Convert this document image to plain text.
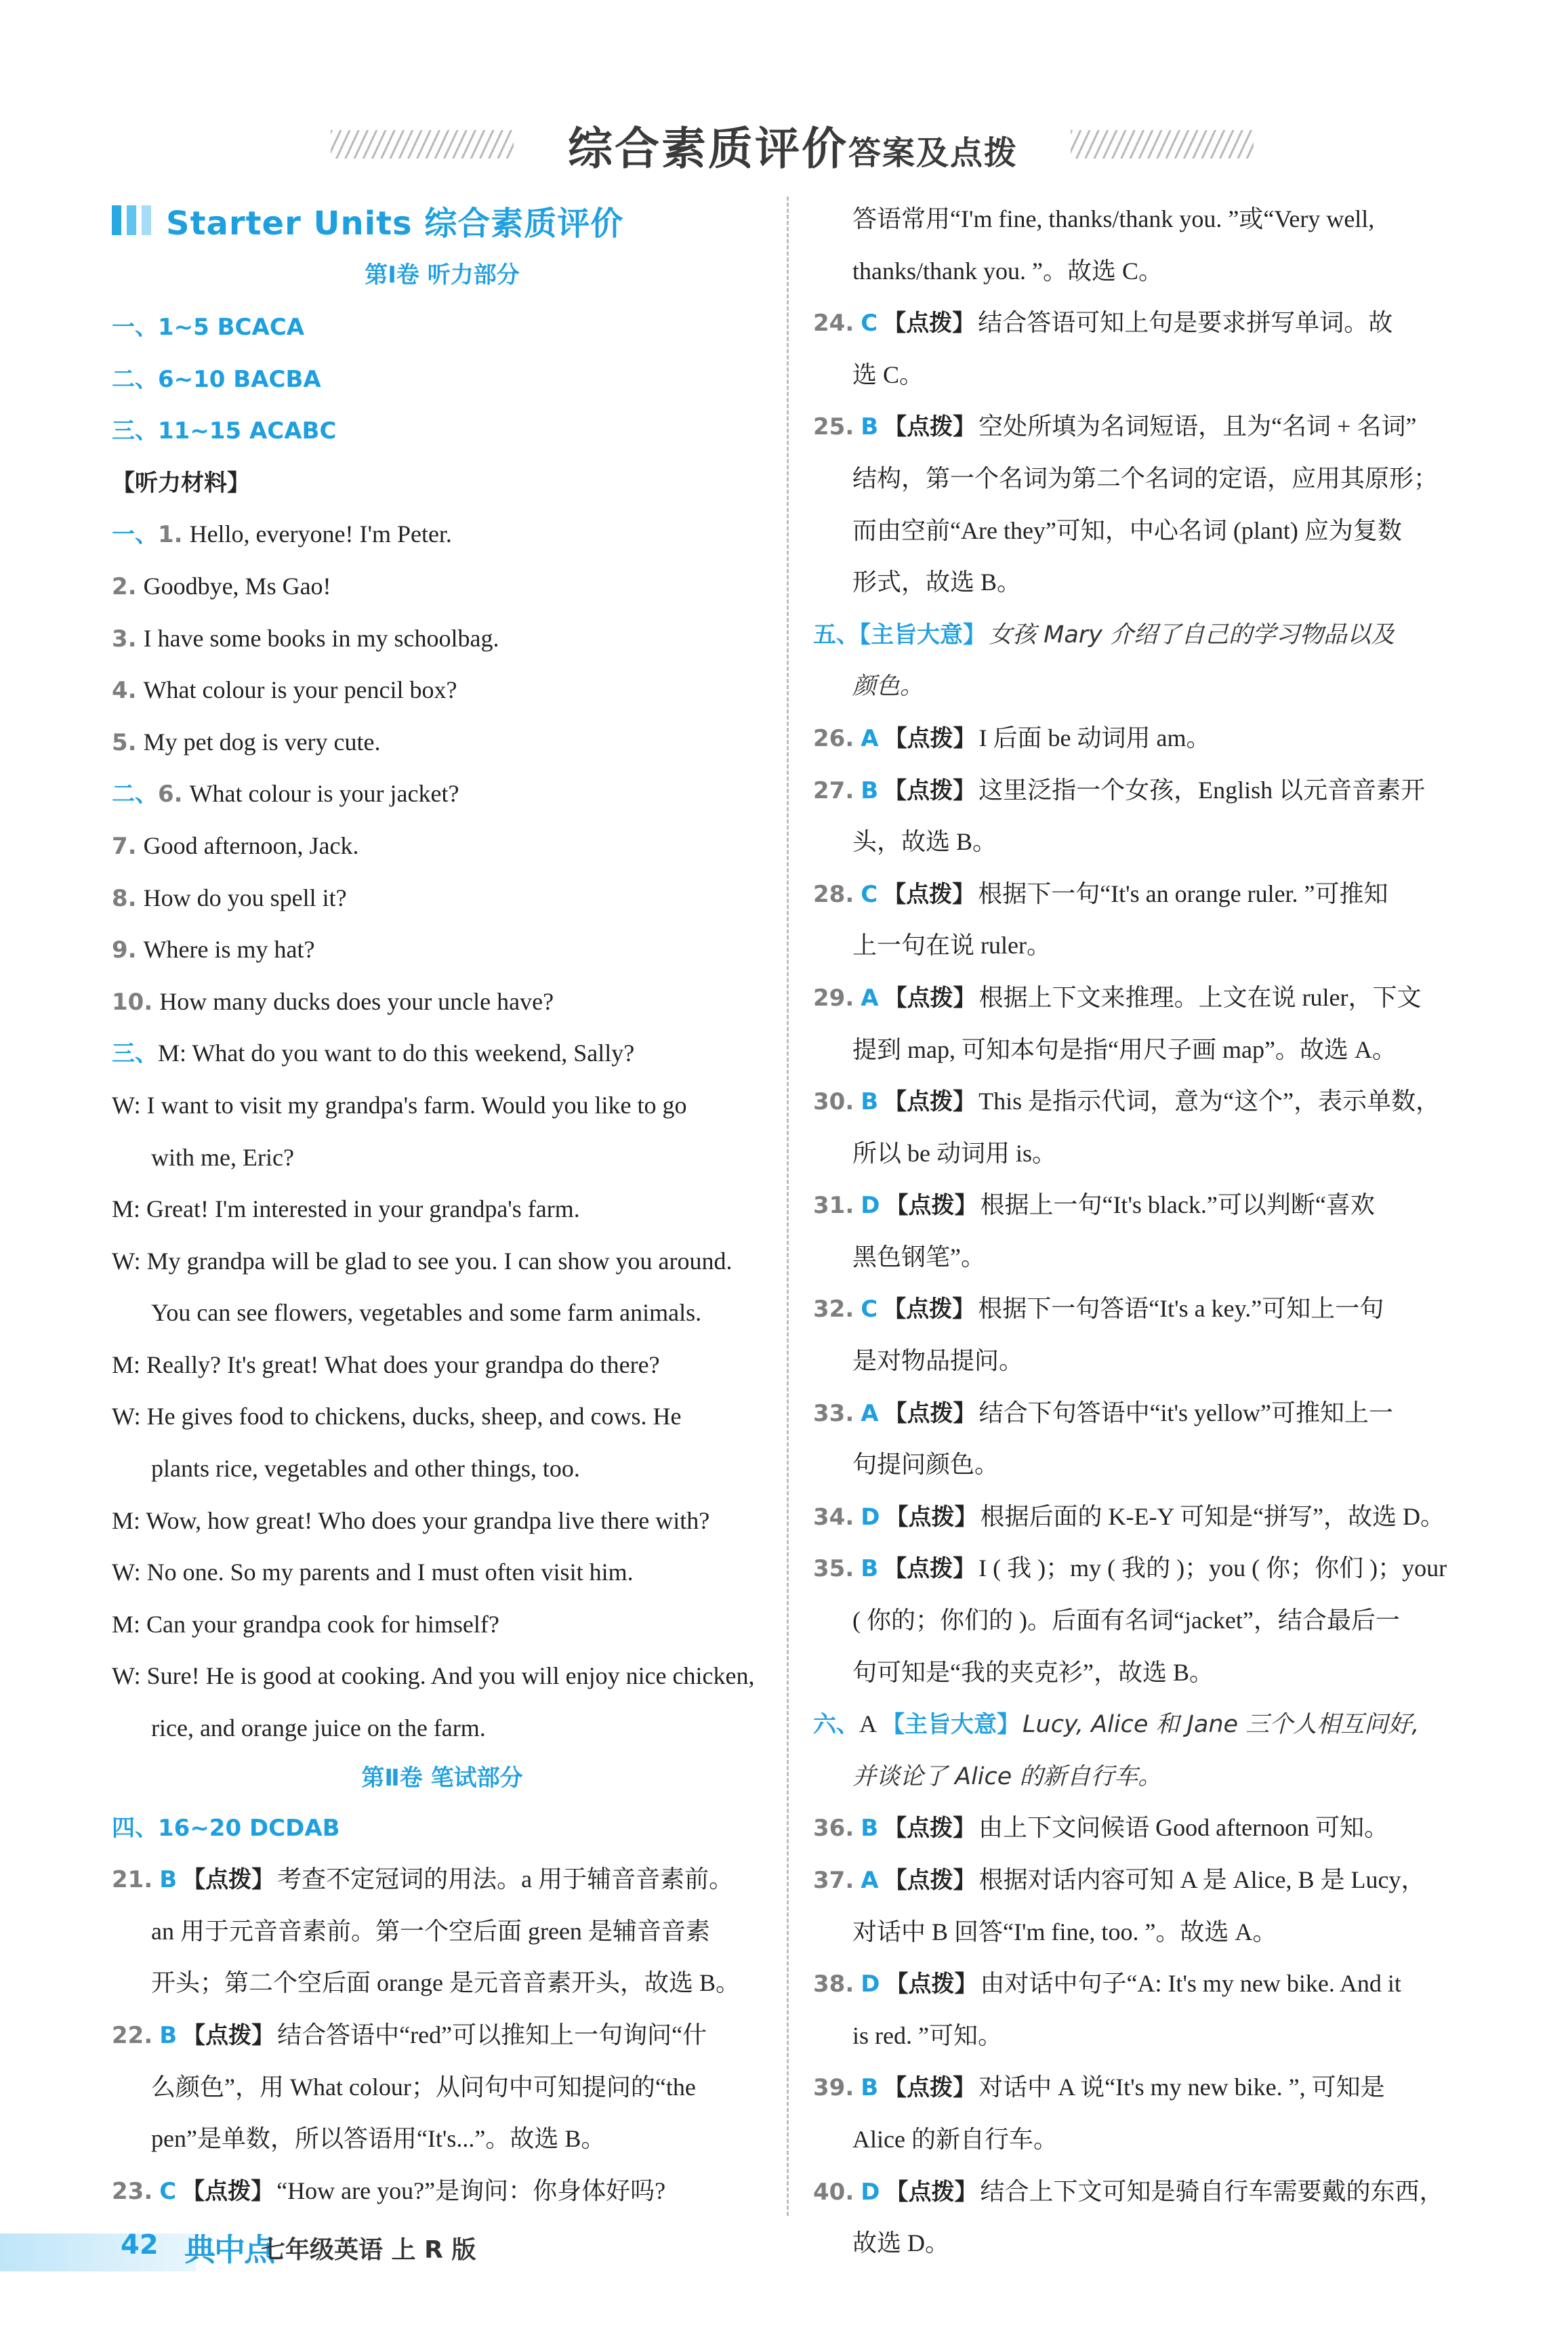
综合素质评价答案及点拨
Starter Units 综合素质评价
第Ⅰ卷 听力部分
一、1~5 BCACA
二、6~10 BACBA
三、11~15 ACABC
【听力材料】
一、1. Hello, everyone! I'm Peter.
2. Goodbye, Ms Gao!
3. I have some books in my schoolbag.
4. What colour is your pencil box?
5. My pet dog is very cute.
二、6. What colour is your jacket?
7. Good afternoon, Jack.
8. How do you spell it?
9. Where is my hat?
10. How many ducks does your uncle have?
三、M: What do you want to do this weekend, Sally?
W: I want to visit my grandpa's farm. Would you like to go
with me, Eric?
M: Great! I'm interested in your grandpa's farm.
W: My grandpa will be glad to see you. I can show you around.
You can see flowers, vegetables and some farm animals.
M: Really? It's great! What does your grandpa do there?
W: He gives food to chickens, ducks, sheep, and cows. He
plants rice, vegetables and other things, too.
M: Wow, how great! Who does your grandpa live there with?
W: No one. So my parents and I must often visit him.
M: Can your grandpa cook for himself?
W: Sure! He is good at cooking. And you will enjoy nice chicken,
rice, and orange juice on the farm.
第Ⅱ卷 笔试部分
四、16~20 DCDAB
21. B 【点拨】 考查不定冠词的用法。a 用于辅音音素前。
an 用于元音音素前。第一个空后面 green 是辅音音素
开头；第二个空后面 orange 是元音音素开头，故选 B。
22. B 【点拨】 结合答语中“red”可以推知上一句询问“什
么颜色”，用 What colour；从问句中可知提问的“the
pen”是单数，所以答语用“It's...”。故选 B。
23. C 【点拨】 “How are you?”是询问：你身体好吗?
答语常用“I'm fine, thanks/thank you. ”或“Very well,
thanks/thank you. ”。故选 C。
24. C 【点拨】 结合答语可知上句是要求拼写单词。故
选 C。
25. B 【点拨】 空处所填为名词短语，且为“名词 + 名词”
结构，第一个名词为第二个名词的定语，应用其原形；
而由空前“Are they”可知，中心名词 (plant) 应为复数
形式，故选 B。
五、【主旨大意】 女孩 Mary 介绍了自己的学习物品以及
颜色。
26. A 【点拨】 I 后面 be 动词用 am。
27. B 【点拨】 这里泛指一个女孩，English 以元音音素开
头，故选 B。
28. C 【点拨】 根据下一句“It's an orange ruler. ”可推知
上一句在说 ruler。
29. A 【点拨】 根据上下文来推理。上文在说 ruler，下文
提到 map, 可知本句是指“用尺子画 map”。故选 A。
30. B 【点拨】 This 是指示代词，意为“这个”，表示单数，
所以 be 动词用 is。
31. D 【点拨】 根据上一句“It's black.”可以判断“喜欢
黑色钢笔”。
32. C 【点拨】 根据下一句答语“It's a key.”可知上一句
是对物品提问。
33. A 【点拨】 结合下句答语中“it's yellow”可推知上一
句提问颜色。
34. D 【点拨】 根据后面的 K-E-Y 可知是“拼写”，故选 D。
35. B 【点拨】 I ( 我 )；my ( 我的 )；you ( 你；你们 )；your
( 你的；你们的 )。后面有名词“jacket”，结合最后一
句可知是“我的夹克衫”，故选 B。
六、A 【主旨大意】 Lucy, Alice 和 Jane 三个人相互问好,
并谈论了 Alice 的新自行车。
36. B 【点拨】 由上下文问候语 Good afternoon 可知。
37. A 【点拨】 根据对话内容可知 A 是 Alice, B 是 Lucy，
对话中 B 回答“I'm fine, too. ”。故选 A。
38. D 【点拨】 由对话中句子“A: It's my new bike. And it
is red. ”可知。
39. B 【点拨】 对话中 A 说“It's my new bike. ”, 可知是
Alice 的新自行车。
40. D 【点拨】 结合上下文可知是骑自行车需要戴的东西，
故选 D。
42 典中点
七年级英语 上 R 版
